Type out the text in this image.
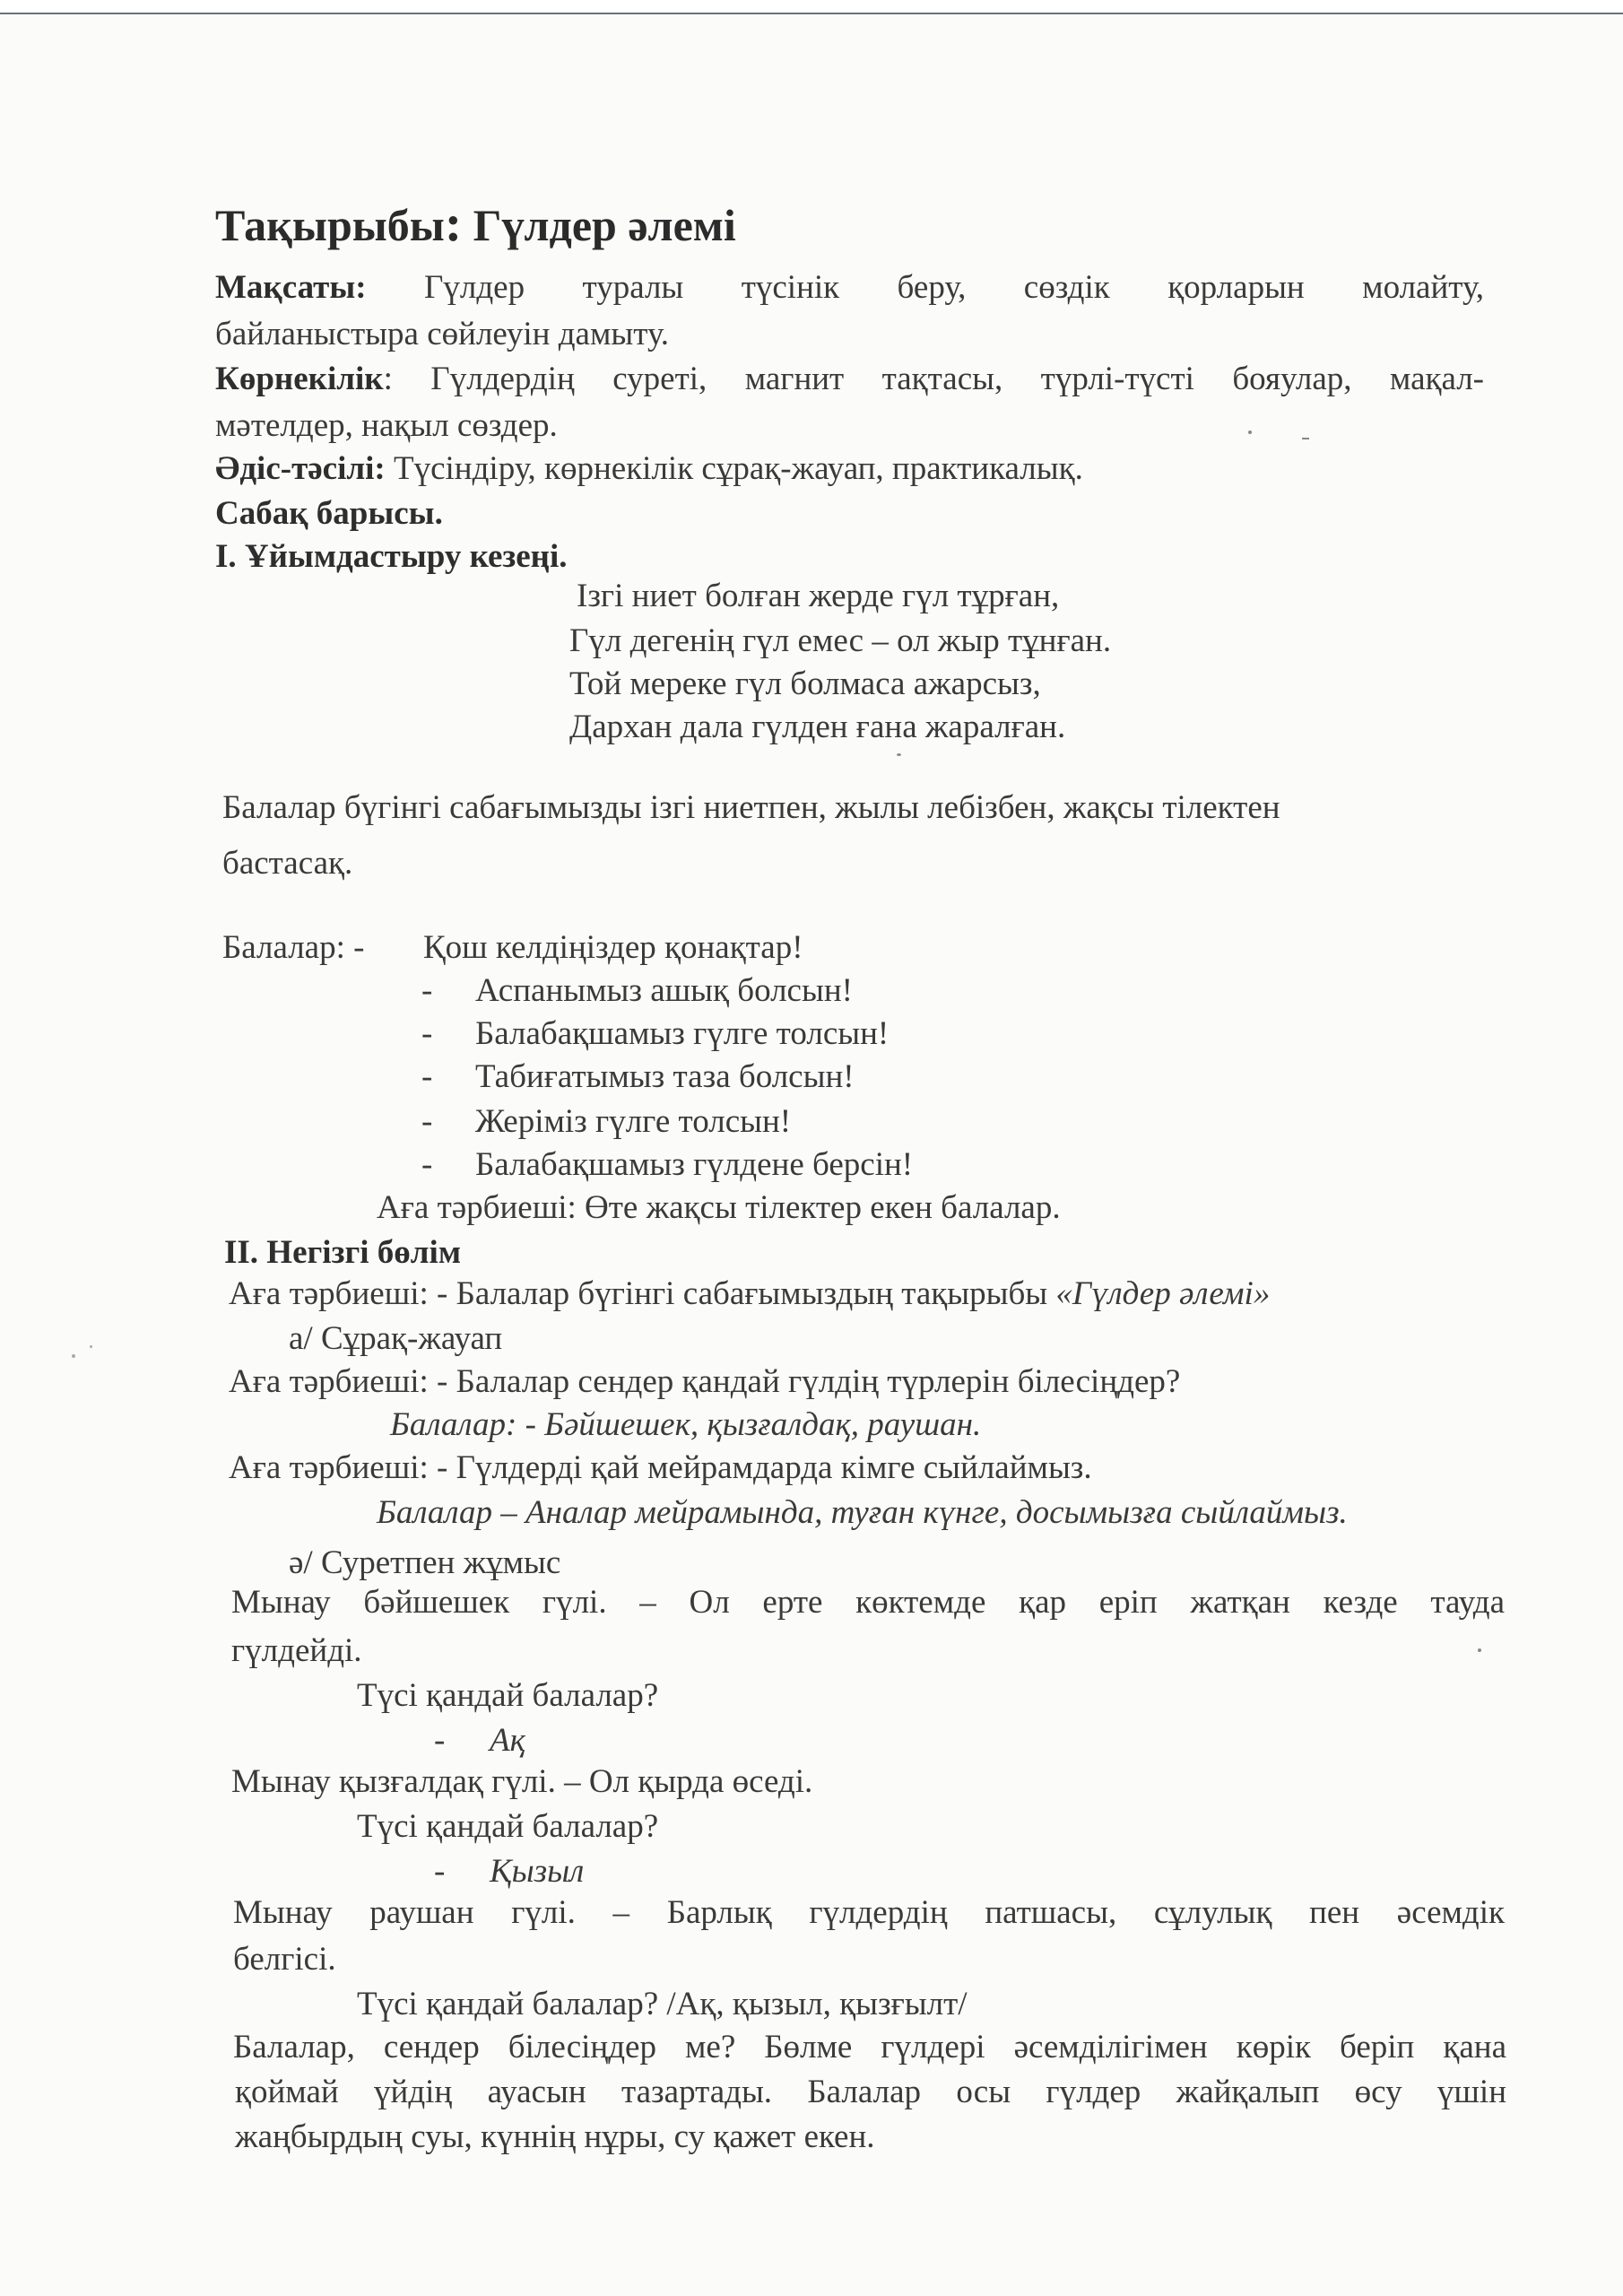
Тақырыбы: Гүлдер әлемі
Мақсаты: Гүлдер туралы түсінік беру, сөздік қорларын молайту,
байланыстыра сөйлеуін дамыту.
Көрнекілік: Гүлдердің суреті, магнит тақтасы, түрлі-түсті бояулар, мақал-
мәтелдер, нақыл сөздер.
Әдіс-тәсілі: Түсіндіру, көрнекілік сұрақ-жауап, практикалық.
Сабақ барысы.
І. Ұйымдастыру кезеңі.
Ізгі ниет болған жерде гүл тұрған,
Гүл дегенің гүл емес – ол жыр тұнған.
Той мереке гүл болмаса ажарсыз,
Дархан дала гүлден ғана жаралған.
Балалар бүгінгі сабағымызды ізгі ниетпен, жылы лебізбен, жақсы тілектен
бастасақ.
Балалар: - Қош келдіңіздер қонақтар!
- Аспанымыз ашық болсын!
- Балабақшамыз гүлге толсын!
- Табиғатымыз таза болсын!
- Жеріміз гүлге толсын!
- Балабақшамыз гүлдене берсін!
Аға тәрбиеші: Өте жақсы тілектер екен балалар.
ІІ. Негізгі бөлім
Аға тәрбиеші: - Балалар бүгінгі сабағымыздың тақырыбы «Гүлдер әлемі»
а/ Сұрақ-жауап
Аға тәрбиеші: - Балалар сендер қандай гүлдің түрлерін білесіңдер?
Балалар: - Бәйшешек, қызғалдақ, раушан.
Аға тәрбиеші: - Гүлдерді қай мейрамдарда кімге сыйлаймыз.
Балалар – Аналар мейрамында, туған күнге, досымызға сыйлаймыз.
ә/ Суретпен жұмыс
Мынау бәйшешек гүлі. – Ол ерте көктемде қар еріп жатқан кезде тауда
гүлдейді.
Түсі қандай балалар?
- Ақ
Мынау қызғалдақ гүлі. – Ол қырда өседі.
Түсі қандай балалар?
- Қызыл
Мынау раушан гүлі. – Барлық гүлдердің патшасы, сұлулық пен әсемдік
белгісі.
Түсі қандай балалар? /Ақ, қызыл, қызғылт/
Балалар, сендер білесіңдер ме? Бөлме гүлдері әсемділігімен көрік беріп қана
қоймай үйдің ауасын тазартады. Балалар осы гүлдер жайқалып өсу үшін
жаңбырдың суы, күннің нұры, су қажет екен.
